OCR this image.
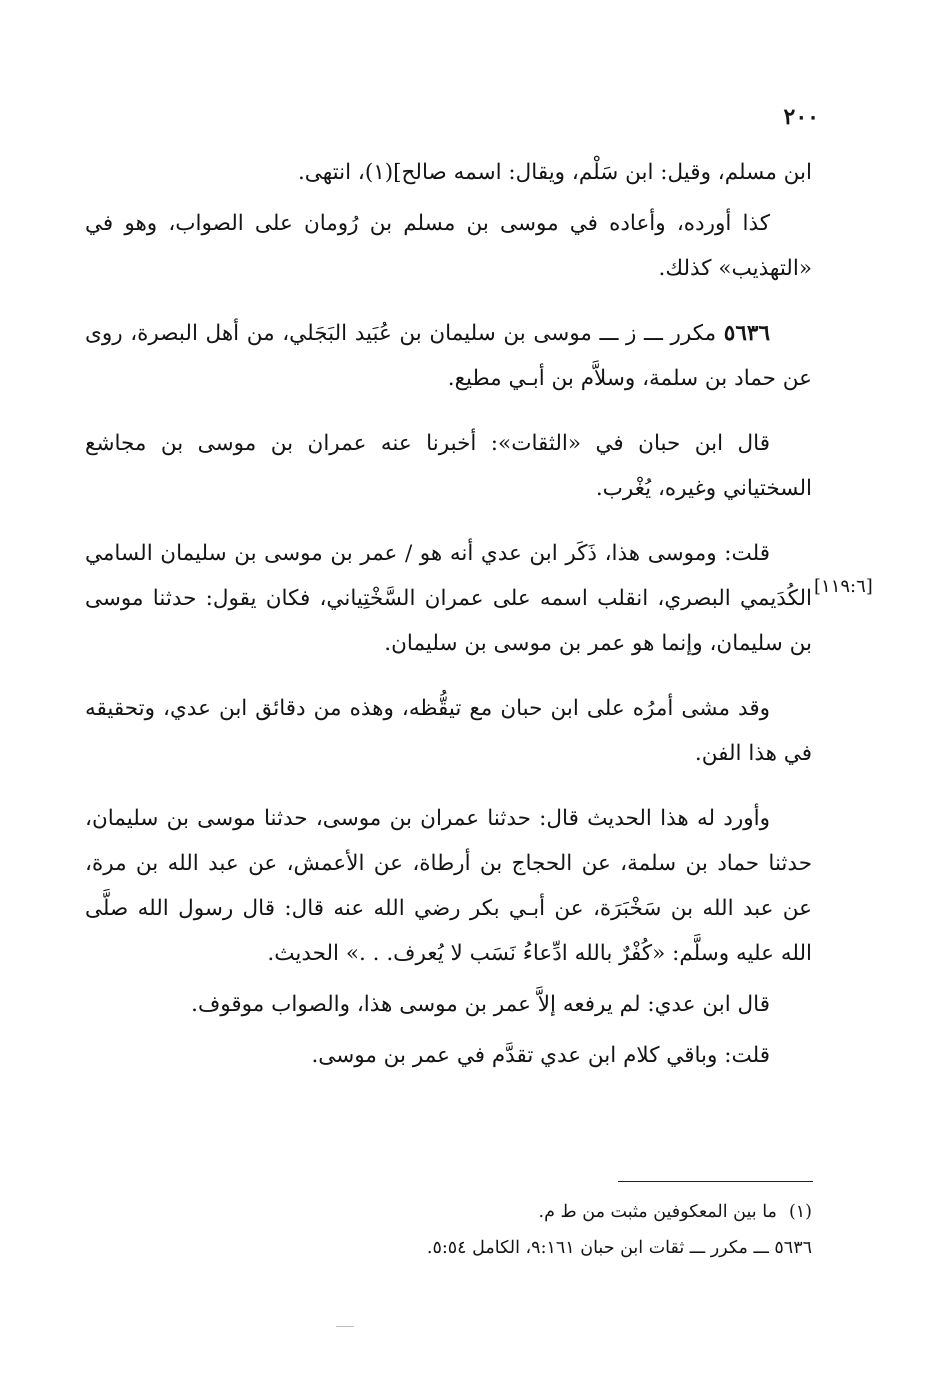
٢٠٠
[١١٩:٦]

ابن مسلم، وقيل: ابن سَلْم، ويقال: اسمه صالح](١)، انتهى.

كذا أورده، وأعاده في موسى بن مسلم بن رُومان على الصواب، وهو في «التهذيب» كذلك.

٥٦٣٦ مكرر ـــ ز ـــ موسى بن سليمان بن عُبَيد البَجَلي، من أهل البصرة، روى عن حماد بن سلمة، وسلاَّم بن أبـي مطيع.

قال ابن حبان في «الثقات»: أخبرنا عنه عمران بن موسى بن مجاشع السختياني وغيره، يُغْرب.

قلت: وموسى هذا، ذَكَر ابن عدي أنه هو / عمر بن موسى بن سليمان السامي الكُدَيمي البصري، انقلب اسمه على عمران السَّخْتِياني، فكان يقول: حدثنا موسى بن سليمان، وإنما هو عمر بن موسى بن سليمان.

وقد مشى أمرُه على ابن حبان مع تيقُّظه، وهذه من دقائق ابن عدي، وتحقيقه في هذا الفن.

وأورد له هذا الحديث قال: حدثنا عمران بن موسى، حدثنا موسى بن سليمان، حدثنا حماد بن سلمة، عن الحجاج بن أرطاة، عن الأعمش، عن عبد الله بن مرة، عن عبد الله بن سَخْبَرَة، عن أبـي بكر رضي الله عنه قال: قال رسول الله صلَّى الله عليه وسلَّم: «كُفْرٌ بالله ادِّعاءُ نَسَب لا يُعرف. . .» الحديث.

قال ابن عدي: لم يرفعه إلاَّ عمر بن موسى هذا، والصواب موقوف.

قلت: وباقي كلام ابن عدي تقدَّم في عمر بن موسى.

(١)ما بين المعكوفين مثبت من ط م.

٥٦٣٦ ـــ مكرر ـــ ثقات ابن حبان ٩:١٦١، الكامل ٥:٥٤.
